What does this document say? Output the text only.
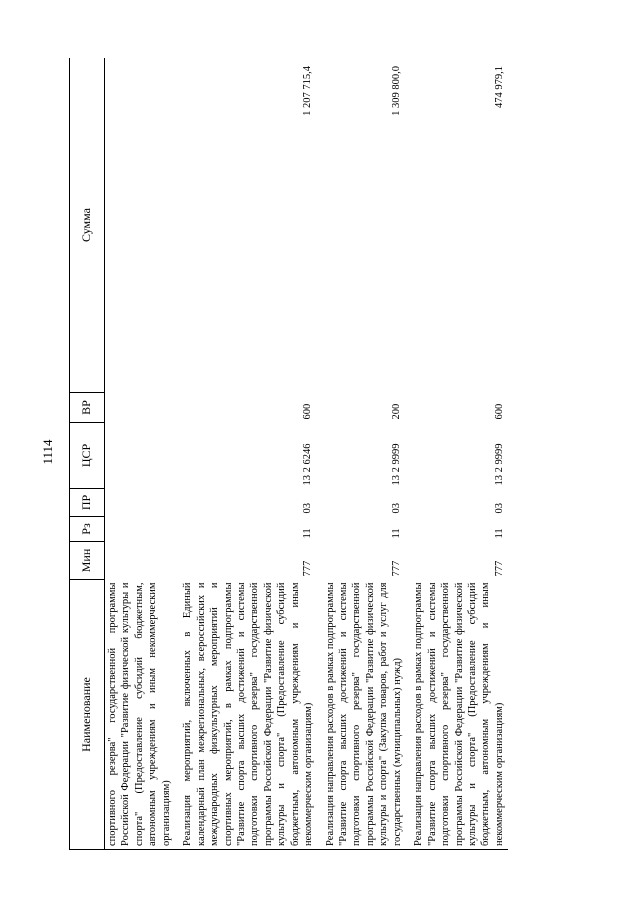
1114
Наименование	Мин	Рз	ПР	ЦСР	ВР	Сумма
спортивного резерва" государственной программы Российской Федерации "Развитие физической культуры и спорта" (Предоставление субсидий бюджетным, автономным учреждениям и иным некоммерческим организациям)						
Реализация мероприятий, включенных в Единый календарный план межрегиональных, всероссийских и международных физкультурных мероприятий и спортивных мероприятий, в рамках подпрограммы "Развитие спорта высших достижений и системы подготовки спортивного резерва" государственной программы Российской Федерации "Развитие физической культуры и спорта" (Предоставление субсидий бюджетным, автономным учреждениям и иным некоммерческим организациям)	777	11	03	13 2 6246	600	1 207 715,4
Реализация направления расходов в рамках подпрограммы "Развитие спорта высших достижений и системы подготовки спортивного резерва" государственной программы Российской Федерации "Развитие физической культуры и спорта" (Закупка товаров, работ и услуг для государственных (муниципальных) нужд)	777	11	03	13 2 9999	200	1 309 800,0
Реализация направления расходов в рамках подпрограммы "Развитие спорта высших достижений и системы подготовки спортивного резерва" государственной программы Российской Федерации "Развитие физической культуры и спорта" (Предоставление субсидий бюджетным, автономным учреждениям и иным некоммерческим организациям)	777	11	03	13 2 9999	600	474 979,1
